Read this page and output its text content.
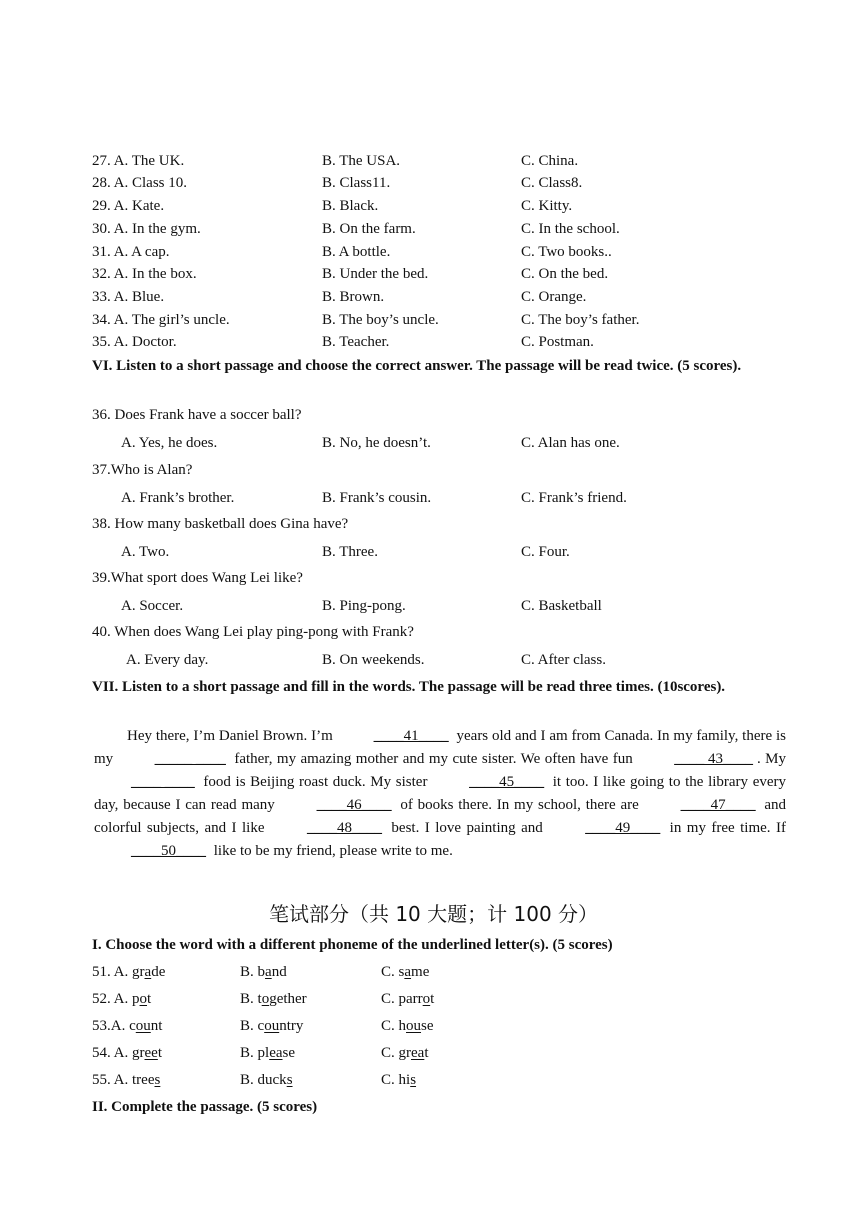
27. A. The UK.	B. The USA.	C. China.
28. A. Class 10.	B. Class11.	C. Class8.
29. A. Kate.	B. Black.	C. Kitty.
30. A. In the gym.	B. On the farm.	C. In the school.
31. A. A cap.	B. A bottle.	C. Two books..
32. A. In the box.	B. Under the bed.	C. On the bed.
33. A. Blue.	B. Brown.	C. Orange.
34. A. The girl’s uncle.	B. The boy’s uncle.	C. The boy’s father.
35. A. Doctor.	B. Teacher.	C. Postman.
VI. Listen to a short passage and choose the correct answer. The passage will be read twice. (5 scores).
36. Does Frank have a soccer ball?
A. Yes, he does.	B. No, he doesn’t.	C. Alan has one.
37.Who is Alan?
A. Frank’s brother.	B. Frank’s cousin.	C. Frank’s friend.
38. How many basketball does Gina have?
A. Two.	B. Three.	C. Four.
39.What sport does Wang Lei like?
A. Soccer.	B. Ping-pong.	C. Basketball
40. When does Wang Lei play ping-pong with Frank?
A. Every day.	B. On weekends.	C. After class.
VII. Listen to a short passage and fill in the words. The passage will be read three times. (10scores).

Hey there, I’m Daniel Brown. I’m	____41____ years old and I am from Canada. In my family, there is my	_____ ____ father, my amazing mother and my cute sister. We often have fun	____ 43____ . My ____ ____ food is Beijing roast duck. My sister	____45____ it too. I like going to the library every day, because I can read many	____46____ of books there. In my school, there are	____47____ and colorful subjects, and I like	____48____ best. I love painting and	____49____ in my free time. If ____50____ like to be my friend, please write to me.

笔试部分（共 10 大题；计 100 分）
I. Choose the word with a different phoneme of the underlined letter(s). (5 scores)
51. A. grade	B. band	C. same
52. A. pot	B. together	C. parrot
53.A. count	B. country	C. house
54. A. greet	B. please	C. great
55. A. trees	B. ducks	C. his
II. Complete the passage. (5 scores)
